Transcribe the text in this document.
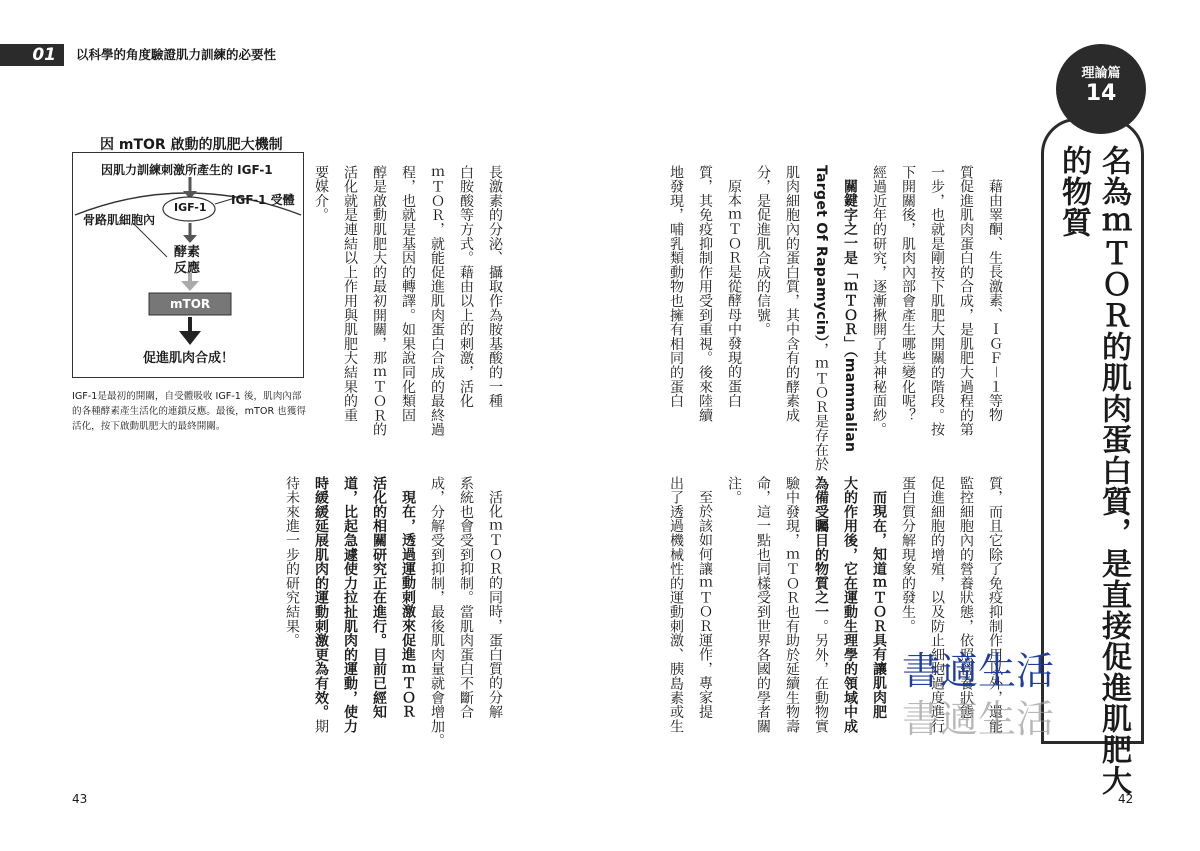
01	以科學的角度驗證肌力訓練的必要性
因 mTOR 啟動的肌肥大機制
因肌力訓練刺激所產生的 IGF-1
IGF-1
IGF-1 受體
骨路肌細胞內
酵素
反應
mTOR
促進肌肉合成！
IGF-1是最初的開關，自受體吸收 IGF-1 後，肌肉內部的各種酵素產生活化的連鎖反應。最後，mTOR 也獲得活化，按下啟動肌肥大的最終開關。
藉由睪酮、生長激素、ＩＧＦ－１等物
質促進肌肉蛋白的合成，是肌肥大過程的第
一步，也就是剛按下肌肥大開關的階段。按
下開關後，肌肉內部會產生哪些變化呢？
經過近年的研究，逐漸揪開了其神秘面紗。
關鍵字之一是「ｍＴＯＲ」（mammalian
Target Of Rapamycin），ｍＴＯＲ是存在於
肌肉細胞內的蛋白質，其中含有的酵素成
分，是促進肌合成的信號。
原本ｍＴＯＲ是從酵母中發現的蛋白
質，其免疫抑制作用受到重視。後來陸續
地發現，哺乳類動物也擁有相同的蛋白
質，而且它除了免疫抑制作用以外，還能
監控細胞內的營養狀態，依照營養狀態
促進細胞的增殖，以及防止細胞過度進行
蛋白質分解現象的發生。
而現在，知道ｍＴＯＲ具有讓肌肉肥
大的作用後，它在運動生理學的領域中成
為備受矚目的物質之一。另外，在動物實
驗中發現，ｍＴＯＲ也有助於延續生物壽
命，這一點也同樣受到世界各國的學者關
注。
至於該如何讓ｍＴＯＲ運作，專家提
出了透過機械性的運動刺激、胰島素或生
長激素的分泌、攝取作為胺基酸的一種
白胺酸等方式。藉由以上的刺激，活化
ｍＴＯＲ，就能促進肌肉蛋白合成的最終過
程，也就是基因的轉譯。如果說同化類固
醇是啟動肌肥大的最初開關，那ｍＴＯＲ的
活化就是連結以上作用與肌肥大結果的重
要媒介。
活化ｍＴＯＲ的同時，蛋白質的分解
系統也會受到抑制。當肌肉蛋白不斷合
成，分解受到抑制，最後肌肉量就會增加。
現在，透過運動刺激來促進ｍＴＯＲ
活化的相關研究正在進行。目前已經知
道，比起急遽使力拉扯肌肉的運動，使力
時緩緩延展肌肉的運動刺激更為有效。期
待未來進一步的研究結果。
理論篇
14
名為ｍＴＯＲ的肌肉蛋白質，是直接促進肌肥大
的物質
書適生活
書適生活
43	42
